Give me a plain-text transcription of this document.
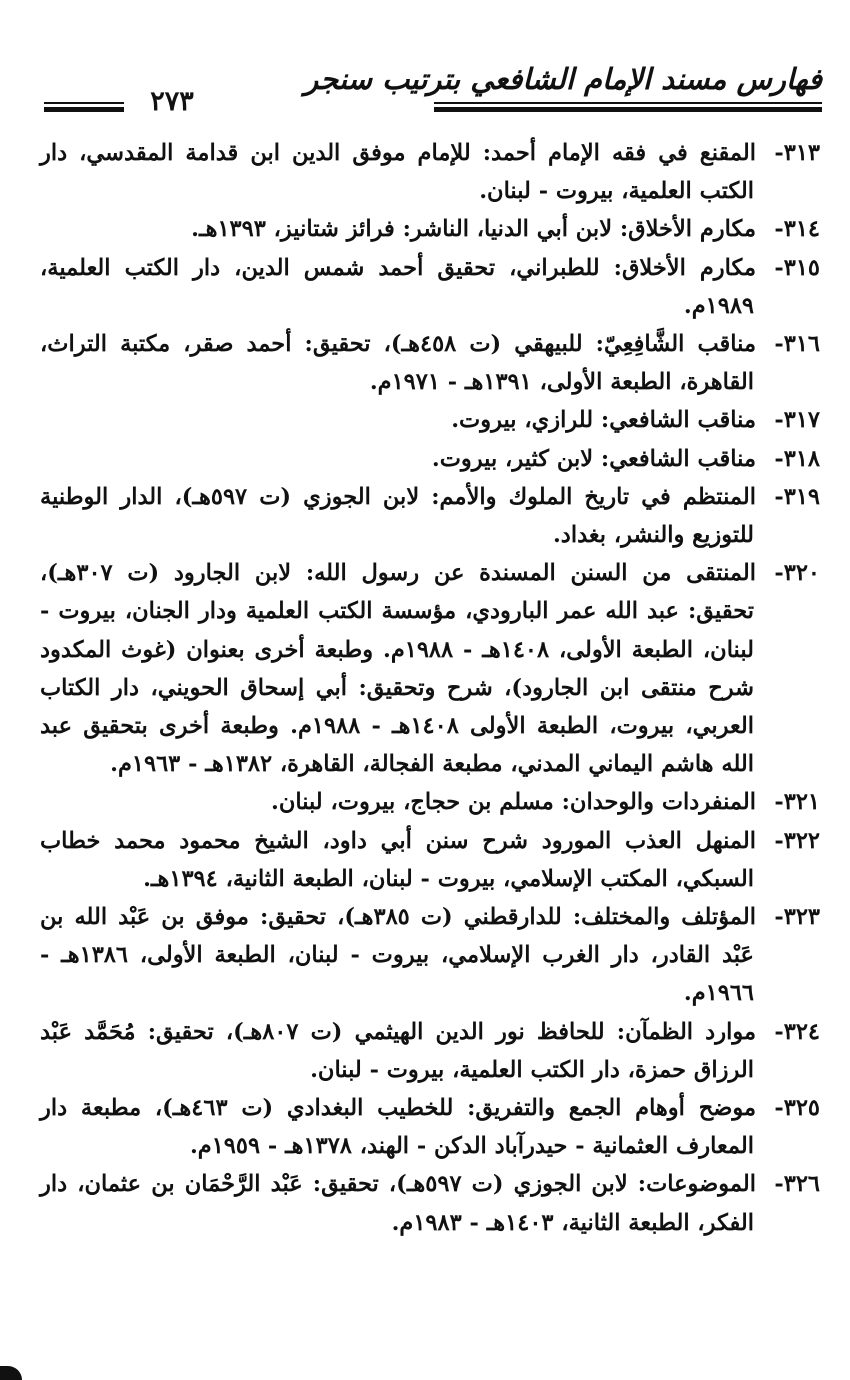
فهارس مسند الإمام الشافعي بترتيب سنجر
٢٧٣

٣١٣-المقنع في فقه الإمام أحمد: للإمام موفق الدين ابن قدامة المقدسي، دار الكتب العلمية، بيروت - لبنان.

٣١٤-مكارم الأخلاق: لابن أبي الدنيا، الناشر: فرائز شتانيز، ١٣٩٣هـ.

٣١٥-مكارم الأخلاق: للطبراني، تحقيق أحمد شمس الدين، دار الكتب العلمية، ١٩٨٩م.

٣١٦-مناقب الشَّافِعِيّ: للبيهقي (ت ٤٥٨هـ)، تحقيق: أحمد صقر، مكتبة التراث، القاهرة، الطبعة الأولى، ١٣٩١هـ - ١٩٧١م.

٣١٧-مناقب الشافعي: للرازي، بيروت.

٣١٨-مناقب الشافعي: لابن كثير، بيروت.

٣١٩-المنتظم في تاريخ الملوك والأمم: لابن الجوزي (ت ٥٩٧هـ)، الدار الوطنية للتوزيع والنشر، بغداد.

٣٢٠-المنتقى من السنن المسندة عن رسول الله: لابن الجارود (ت ٣٠٧هـ)، تحقيق: عبد الله عمر البارودي، مؤسسة الكتب العلمية ودار الجنان، بيروت - لبنان، الطبعة الأولى، ١٤٠٨هـ - ١٩٨٨م. وطبعة أخرى بعنوان (غوث المكدود شرح منتقى ابن الجارود)، شرح وتحقيق: أبي إسحاق الحويني، دار الكتاب العربي، بيروت، الطبعة الأولى ١٤٠٨هـ - ١٩٨٨م. وطبعة أخرى بتحقيق عبد الله هاشم اليماني المدني، مطبعة الفجالة، القاهرة، ١٣٨٢هـ - ١٩٦٣م.

٣٢١-المنفردات والوحدان: مسلم بن حجاج، بيروت، لبنان.

٣٢٢-المنهل العذب المورود شرح سنن أبي داود، الشيخ محمود محمد خطاب السبكي، المكتب الإسلامي، بيروت - لبنان، الطبعة الثانية، ١٣٩٤هـ.

٣٢٣-المؤتلف والمختلف: للدارقطني (ت ٣٨٥هـ)، تحقيق: موفق بن عَبْد الله بن عَبْد القادر، دار الغرب الإسلامي، بيروت - لبنان، الطبعة الأولى، ١٣٨٦هـ - ١٩٦٦م.

٣٢٤-موارد الظمآن: للحافظ نور الدين الهيثمي (ت ٨٠٧هـ)، تحقيق: مُحَمَّد عَبْد الرزاق حمزة، دار الكتب العلمية، بيروت - لبنان.

٣٢٥-موضح أوهام الجمع والتفريق: للخطيب البغدادي (ت ٤٦٣هـ)، مطبعة دار المعارف العثمانية - حيدرآباد الدكن - الهند، ١٣٧٨هـ - ١٩٥٩م.

٣٢٦-الموضوعات: لابن الجوزي (ت ٥٩٧هـ)، تحقيق: عَبْد الرَّحْمَان بن عثمان، دار الفكر، الطبعة الثانية، ١٤٠٣هـ - ١٩٨٣م.
